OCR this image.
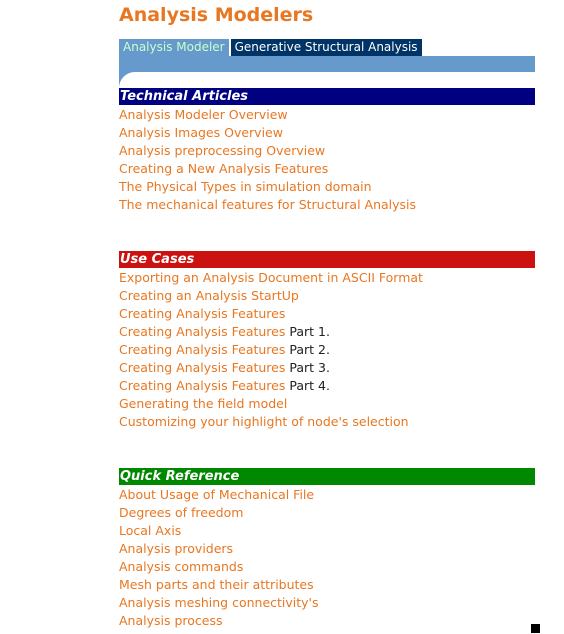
Analysis Modelers
Analysis Modeler Generative Structural Analysis
Technical Articles
Analysis Modeler Overview
Analysis Images Overview
Analysis preprocessing Overview
Creating a New Analysis Features
The Physical Types in simulation domain
The mechanical features for Structural Analysis
Use Cases
Exporting an Analysis Document in ASCII Format
Creating an Analysis StartUp
Creating Analysis Features
Creating Analysis Features Part 1.
Creating Analysis Features Part 2.
Creating Analysis Features Part 3.
Creating Analysis Features Part 4.
Generating the field model
Customizing your highlight of node's selection
Quick Reference
About Usage of Mechanical File
Degrees of freedom
Local Axis
Analysis providers
Analysis commands
Mesh parts and their attributes
Analysis meshing connectivity's
Analysis process
